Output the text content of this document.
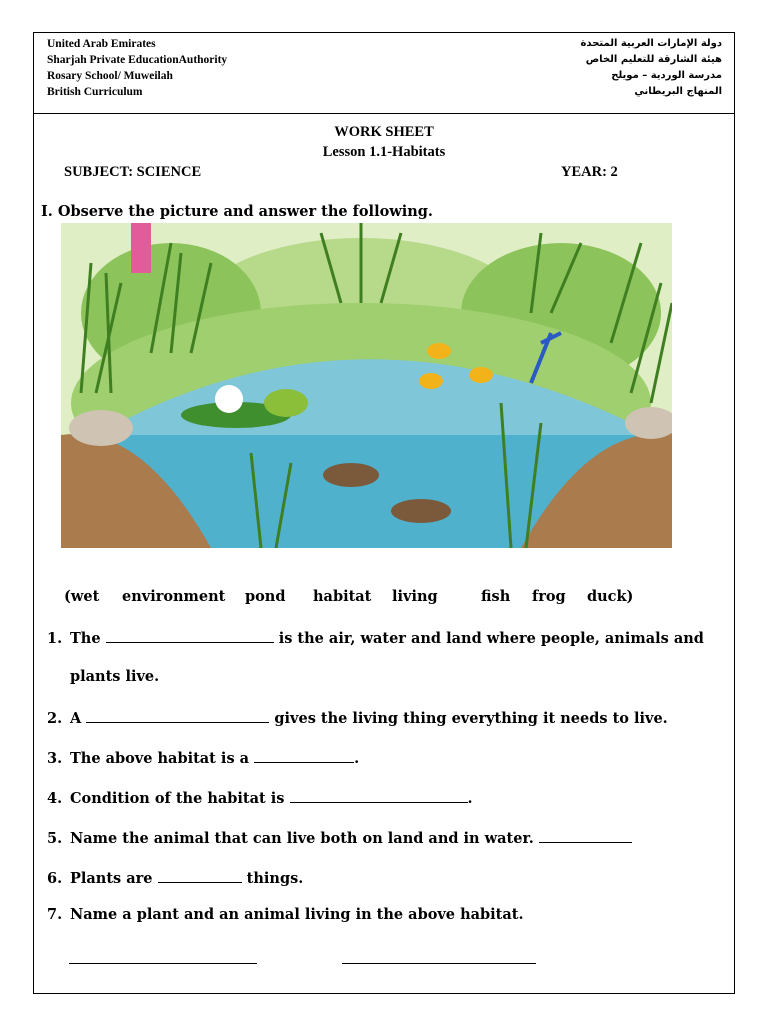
United Arab Emirates
Sharjah Private EducationAuthority
Rosary School/ Muweilah
British Curriculum
دولة الإمارات العربية المتحدة
هيئة الشارقة للتعليم الخاص
مدرسة الوردية – مويلح
المنهاج البريطاني
WORK SHEET
Lesson 1.1-Habitats
SUBJECT: SCIENCE	YEAR: 2
I. Observe the picture and answer the following.
(wet environment pond habitat living	fish frog duck)
1. The	is the air, water and land where people, animals and
plants live.
2. A	gives the living thing everything it needs to live.
3. The above habitat is a	.
4. Condition of the habitat is	.
5. Name the animal that can live both on land and in water.
6. Plants are	things.
7. Name a plant and an animal living in the above habitat.
